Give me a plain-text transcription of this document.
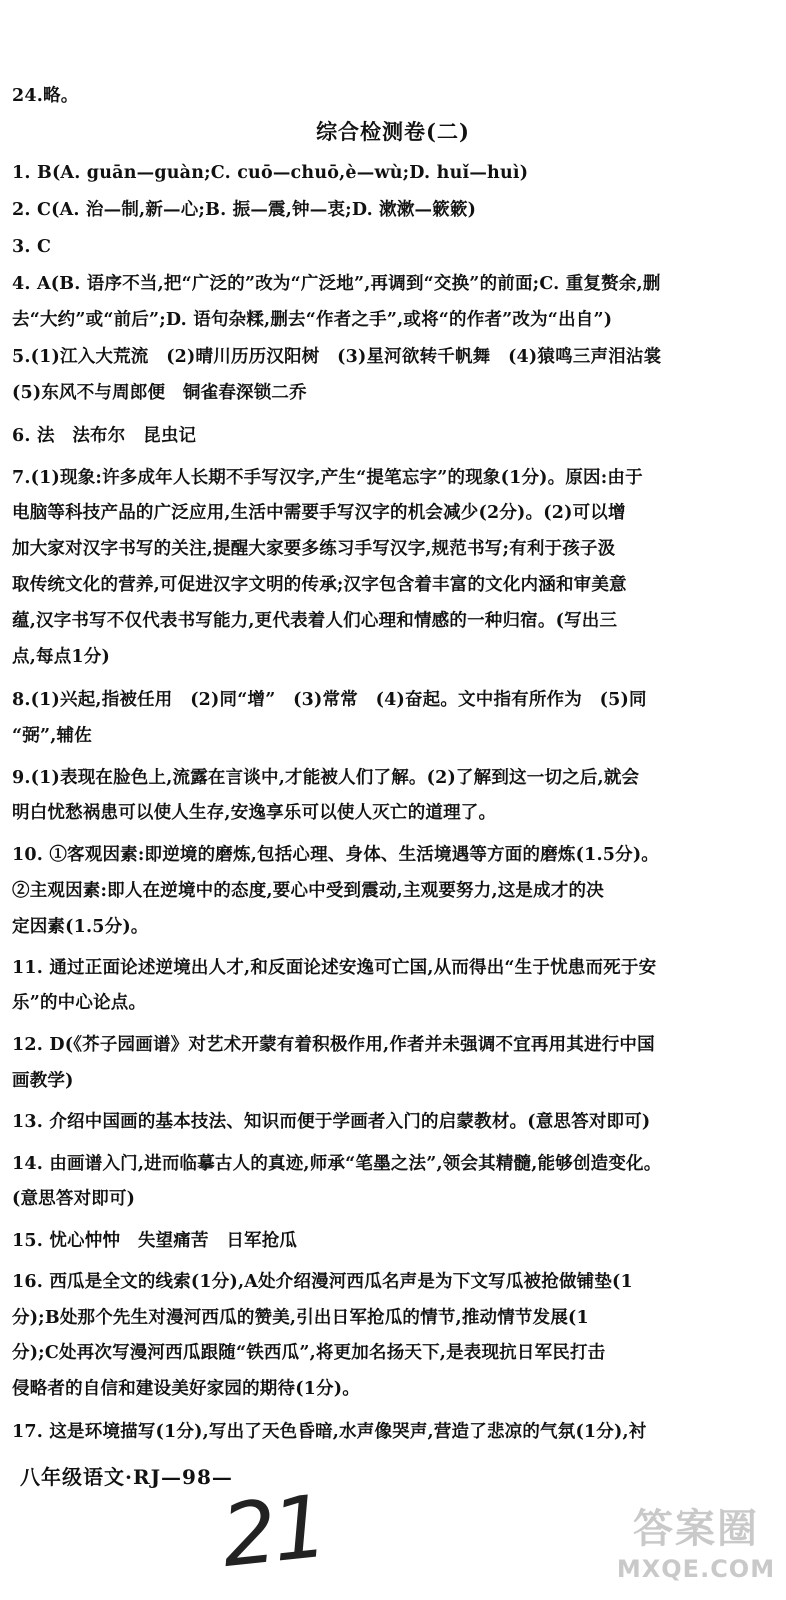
24.略。
综合检测卷(二)
1. B(A. guān—guàn;C. cuō—chuō,è—wù;D. huǐ—huì)
2. C(A. 治—制,新—心;B. 振—震,钟—衷;D. 漱漱—簌簌)
3. C
4. A(B. 语序不当,把“广泛的”改为“广泛地”,再调到“交换”的前面;C. 重复赘余,删
去“大约”或“前后”;D. 语句杂糅,删去“作者之手”,或将“的作者”改为“出自”)
5.(1)江入大荒流　(2)晴川历历汉阳树　(3)星河欲转千帆舞　(4)猿鸣三声泪沾裳
(5)东风不与周郎便　铜雀春深锁二乔
6. 法　法布尔　昆虫记
7.(1)现象:许多成年人长期不手写汉字,产生“提笔忘字”的现象(1分)。原因:由于
电脑等科技产品的广泛应用,生活中需要手写汉字的机会减少(2分)。(2)可以增
加大家对汉字书写的关注,提醒大家要多练习手写汉字,规范书写;有利于孩子汲
取传统文化的营养,可促进汉字文明的传承;汉字包含着丰富的文化内涵和审美意
蕴,汉字书写不仅代表书写能力,更代表着人们心理和情感的一种归宿。(写出三
点,每点1分)
8.(1)兴起,指被任用　(2)同“增”　(3)常常　(4)奋起。文中指有所作为　(5)同
“弼”,辅佐
9.(1)表现在脸色上,流露在言谈中,才能被人们了解。(2)了解到这一切之后,就会
明白忧愁祸患可以使人生存,安逸享乐可以使人灭亡的道理了。
10. ①客观因素:即逆境的磨炼,包括心理、身体、生活境遇等方面的磨炼(1.5分)。
②主观因素:即人在逆境中的态度,要心中受到震动,主观要努力,这是成才的决
定因素(1.5分)。
11. 通过正面论述逆境出人才,和反面论述安逸可亡国,从而得出“生于忧患而死于安
乐”的中心论点。
12. D(《芥子园画谱》对艺术开蒙有着积极作用,作者并未强调不宜再用其进行中国
画教学)
13. 介绍中国画的基本技法、知识而便于学画者入门的启蒙教材。(意思答对即可)
14. 由画谱入门,进而临摹古人的真迹,师承“笔墨之法”,领会其精髓,能够创造变化。
(意思答对即可)
15. 忧心忡忡　失望痛苦　日军抢瓜
16. 西瓜是全文的线索(1分),A处介绍漫河西瓜名声是为下文写瓜被抢做铺垫(1
分);B处那个先生对漫河西瓜的赞美,引出日军抢瓜的情节,推动情节发展(1
分);C处再次写漫河西瓜跟随“铁西瓜”,将更加名扬天下,是表现抗日军民打击
侵略者的自信和建设美好家园的期待(1分)。
17. 这是环境描写(1分),写出了天色昏暗,水声像哭声,营造了悲凉的气氛(1分),衬
八年级语文·RJ—98—
21	答案圈
MXQE.COM
